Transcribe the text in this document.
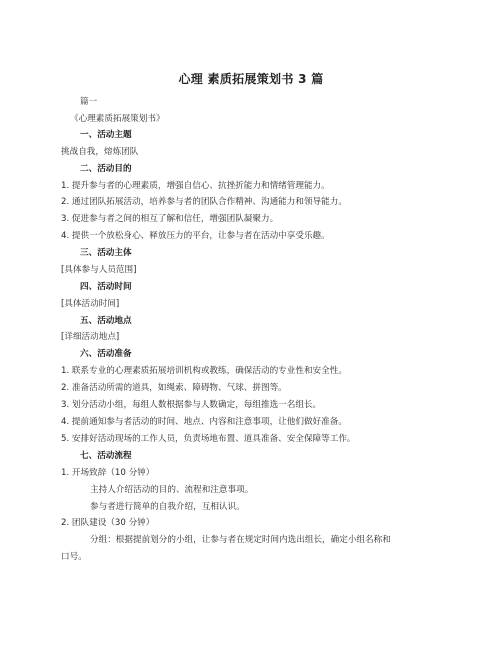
心理 素质拓展策划书 3 篇
篇一
《心理素质拓展策划书》
一、活动主题
挑战自我，熔炼团队
二、活动目的
1. 提升参与者的心理素质，增强自信心、抗挫折能力和情绪管理能力。
2. 通过团队拓展活动，培养参与者的团队合作精神、沟通能力和领导能力。
3. 促进参与者之间的相互了解和信任，增强团队凝聚力。
4. 提供一个放松身心、释放压力的平台，让参与者在活动中享受乐趣。
三、活动主体
[具体参与人员范围]
四、活动时间
[具体活动时间]
五、活动地点
[详细活动地点]
六、活动准备
1. 联系专业的心理素质拓展培训机构或教练，确保活动的专业性和安全性。
2. 准备活动所需的道具，如绳索、障碍物、气球、拼图等。
3. 划分活动小组，每组人数根据参与人数确定，每组推选一名组长。
4. 提前通知参与者活动的时间、地点、内容和注意事项，让他们做好准备。
5. 安排好活动现场的工作人员，负责场地布置、道具准备、安全保障等工作。
七、活动流程
1. 开场致辞（10 分钟）
主持人介绍活动的目的、流程和注意事项。
参与者进行简单的自我介绍，互相认识。
2. 团队建设（30 分钟）
分组：根据提前划分的小组，让参与者在规定时间内选出组长，确定小组名称和
口号。
